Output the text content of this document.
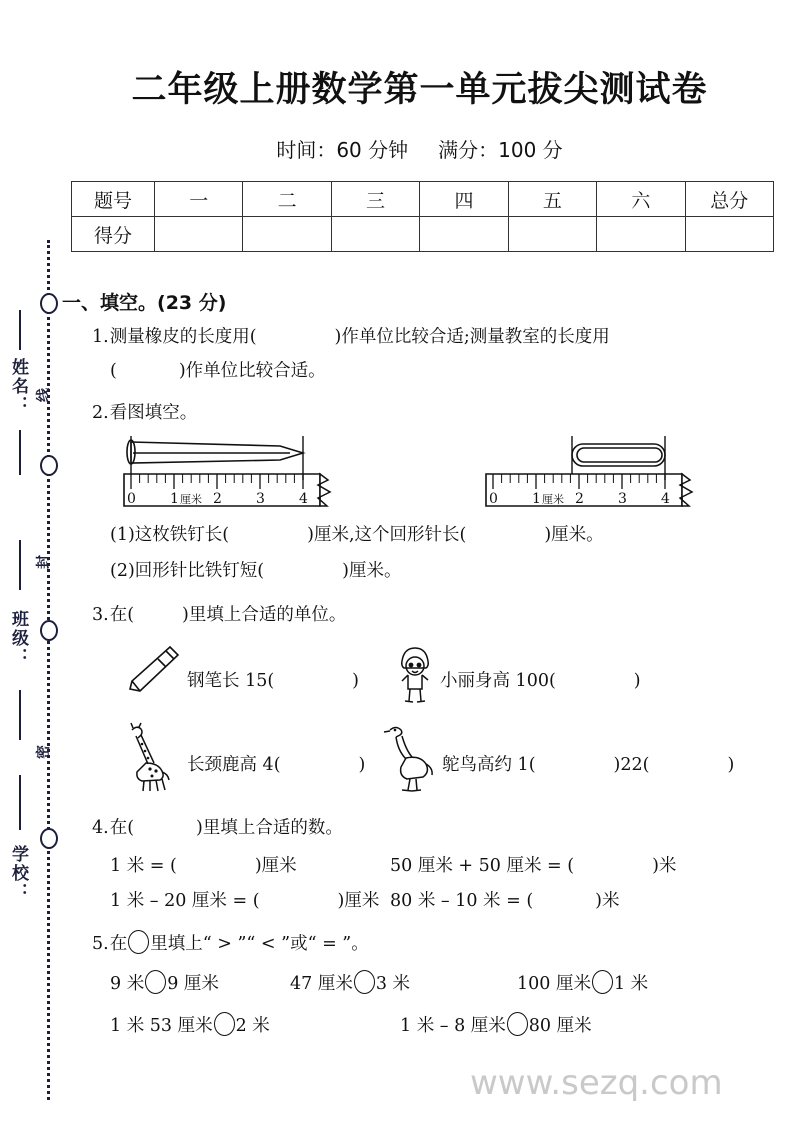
线
封
密
姓名：
班级：
学校：
二年级上册数学第一单元拔尖测试卷
时间：60 分钟 满分：100 分
题号	一	二	三	四	五	六	总分
得分							
一、填空。(23 分)
1.测量橡皮的长度用(	)作单位比较合适;测量教室的长度用
(	)作单位比较合适。
2.看图填空。
0 1 2 3 4
厘米	0 1 2 3 4
厘米
(1)这枚铁钉长(	)厘米,这个回形针长(	)厘米。
(2)回形针比铁钉短(	)厘米。
3.在(	)里填上合适的单位。
钢笔长 15(	)	小丽身高 100(	)
长颈鹿高 4(	)	鸵鸟高约 1(	)22(	)
4.在(	)里填上合适的数。
1 米 = (	)厘米	50 厘米 + 50 厘米 = (	)米
1 米 – 20 厘米 = (	)厘米 80 米 – 10 米 = (	)米
5.在 里填上“ > ”“ < ”或“ = ”。
9 米 9 厘米	47 厘米 3 米	100 厘米 1 米
1 米 53 厘米 2 米	1 米 – 8 厘米 80 厘米
www.sezq.com
